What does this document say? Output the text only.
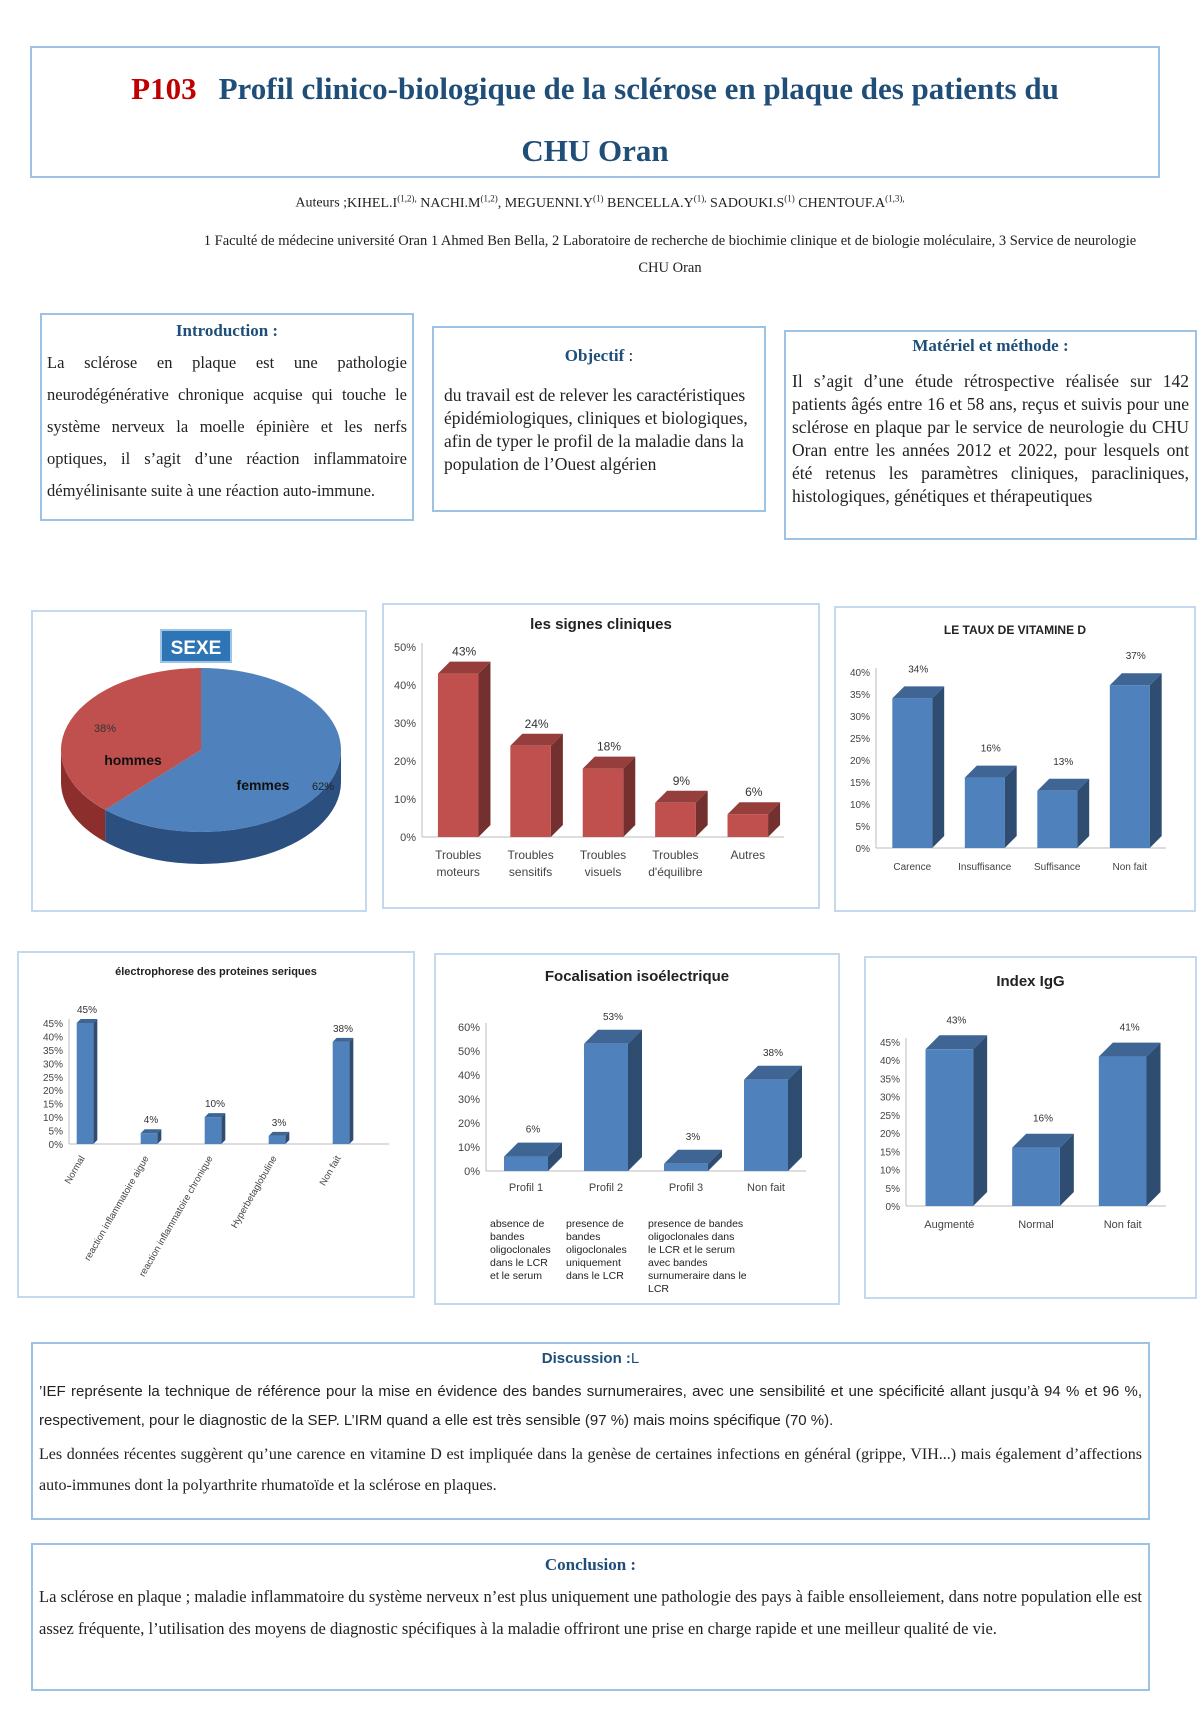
P103 Profil clinico-biologique de la sclérose en plaque des patients du
CHU Oran
Auteurs $;KIHEL.I^{(1,2),}$ $NACHI.M^{(1,2)}$, $MEGUENNI.Y^{(1)}$ $BENCELLA.Y^{(1),}$ $SADOUKI.S^{(1)}$ $CHENTOUF.A^{(1,3),}$
1 Faculté de médecine université Oran 1 Ahmed Ben Bella, 2 Laboratoire de recherche de biochimie clinique et de biologie moléculaire, 3 Service de neurologie CHU Oran
Introduction :
La sclérose en plaque est une pathologie neurodégénérative chronique acquise qui touche le système nerveux la moelle épinière et les nerfs optiques, il s’agit d’une réaction inflammatoire démyélinisante suite à une réaction auto-immune.
Objectif :
du travail est de relever les caractéristiques épidémiologiques, cliniques et biologiques, afin de typer le profil de la maladie dans la population de l’Ouest algérien
Matériel et méthode :
Il s’agit d’une étude rétrospective réalisée sur 142 patients âgés entre 16 et 58 ans, reçus et suivis pour une sclérose en plaque par le service de neurologie du CHU Oran entre les années 2012 et 2022, pour lesquels ont été retenus les paramètres cliniques, paracliniques, histologiques, génétiques et thérapeutiques
SEXE
femmes 62%
hommes
38%
les signes cliniques
0%
10%
20%
30%
40%
50%	43%
Troubles
moteurs
24%
Troubles
sensitifs
18%
Troubles
visuels
9%
Troubles
d'équilibre
6%
Autres
LE TAUX DE VITAMINE D
0%
5%
10%
15%
20%
25%
30%
35%
40%	34%
Carence
16%
Insuffisance
13%
Suffisance
37%
Non fait
électrophorese des proteines seriques
0%
5%
10%
15%
20%
25%
30%
35%
40%
45%
45%
Normal
4%
reaction inflammatoire aigue
10%
reaction inflammatoire chronique
3%
Hyperbetaglobuline
38%
Non fait
Focalisation isoélectrique
0%
10%
20%
30%
40%
50%
60%
6%
Profil 1
53%
Profil 2
3%
Profil 3
38%
Non fait
absence de bandes oligoclonales dans le LCR et le serum
presence de bandes oligoclonales uniquement dans le LCR
presence de bandes oligoclonales dans le LCR et le serum avec bandes surnumeraire dans le LCR
Index IgG
0%
5%
10%
15%
20%
25%
30%
35%
40%
45%
43%
Augmenté
16%
Normal
41%
Non fait
Discussion :L
’IEF représente la technique de référence pour la mise en évidence des bandes surnumeraires, avec une sensibilité et une spécificité allant jusqu’à 94 % et 96 %, respectivement, pour le diagnostic de la SEP. L’IRM quand a elle est très sensible (97 %) mais moins spécifique (70 %).
Les données récentes suggèrent qu’une carence en vitamine D est impliquée dans la genèse de certaines infections en général (grippe, VIH...) mais également d’affections auto-immunes dont la polyarthrite rhumatoïde et la sclérose en plaques.
Conclusion :
La sclérose en plaque ; maladie inflammatoire du système nerveux n’est plus uniquement une pathologie des pays à faible ensolleiement, dans notre population elle est assez fréquente, l’utilisation des moyens de diagnostic spécifiques à la maladie offriront une prise en charge rapide et une meilleur qualité de vie.
